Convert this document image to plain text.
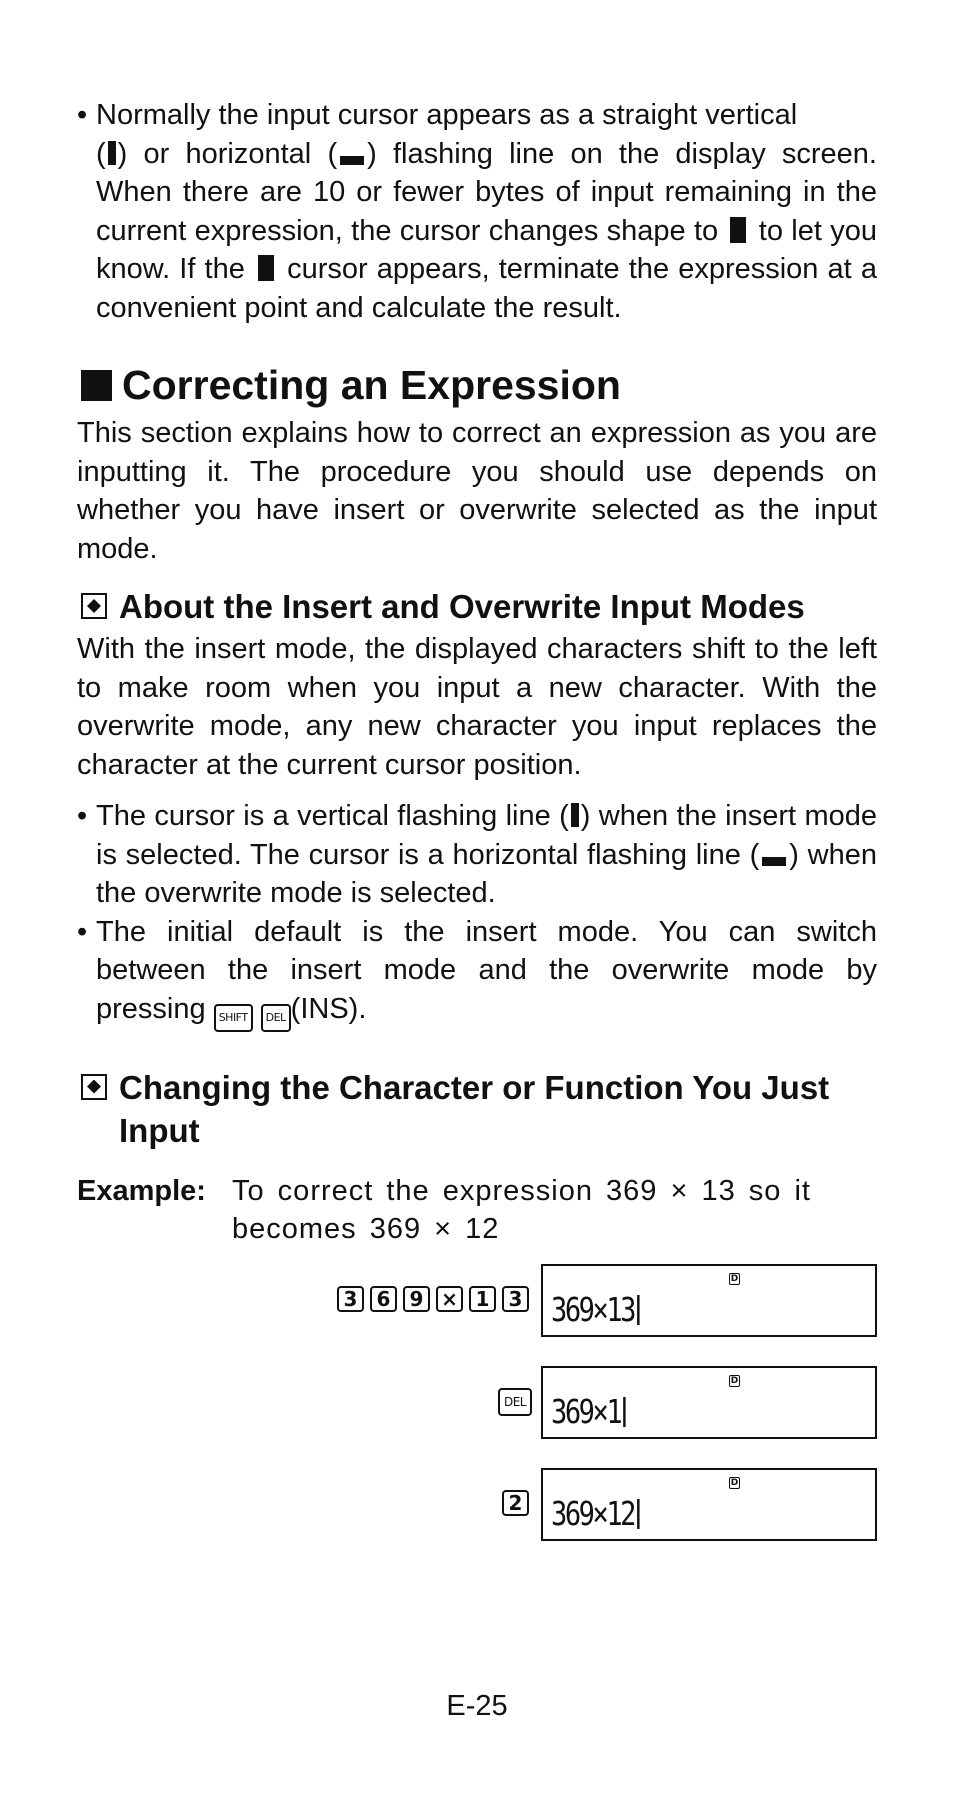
• Normally the input cursor appears as a straight vertical
( ) or horizontal ( ) flashing line on the display screen. When there are 10 or fewer bytes of input remaining in the current expression, the cursor changes shape to to let you know. If the cursor appears, terminate the expression at a convenient point and calculate the result.
Correcting an Expression

This section explains how to correct an expression as you are inputting it. The procedure you should use depends on whether you have insert or overwrite selected as the input mode.

About the Insert and Overwrite Input Modes

With the insert mode, the displayed characters shift to the left to make room when you input a new character. With the overwrite mode, any new character you input replaces the character at the current cursor position.

• The cursor is a vertical flashing line ( ) when the insert mode is selected. The cursor is a horizontal flashing line ( ) when the overwrite mode is selected.
• The initial default is the insert mode. You can switch between the insert mode and the overwrite mode by pressing SHIFT DEL (INS).
Changing the Character or Function You Just Input
Example: To correct the expression 369 × 13 so it
becomes 369 × 12
3 6 9 × 1 3
D
369×13
DEL
D
369×1
2
D
369×12
E-25
